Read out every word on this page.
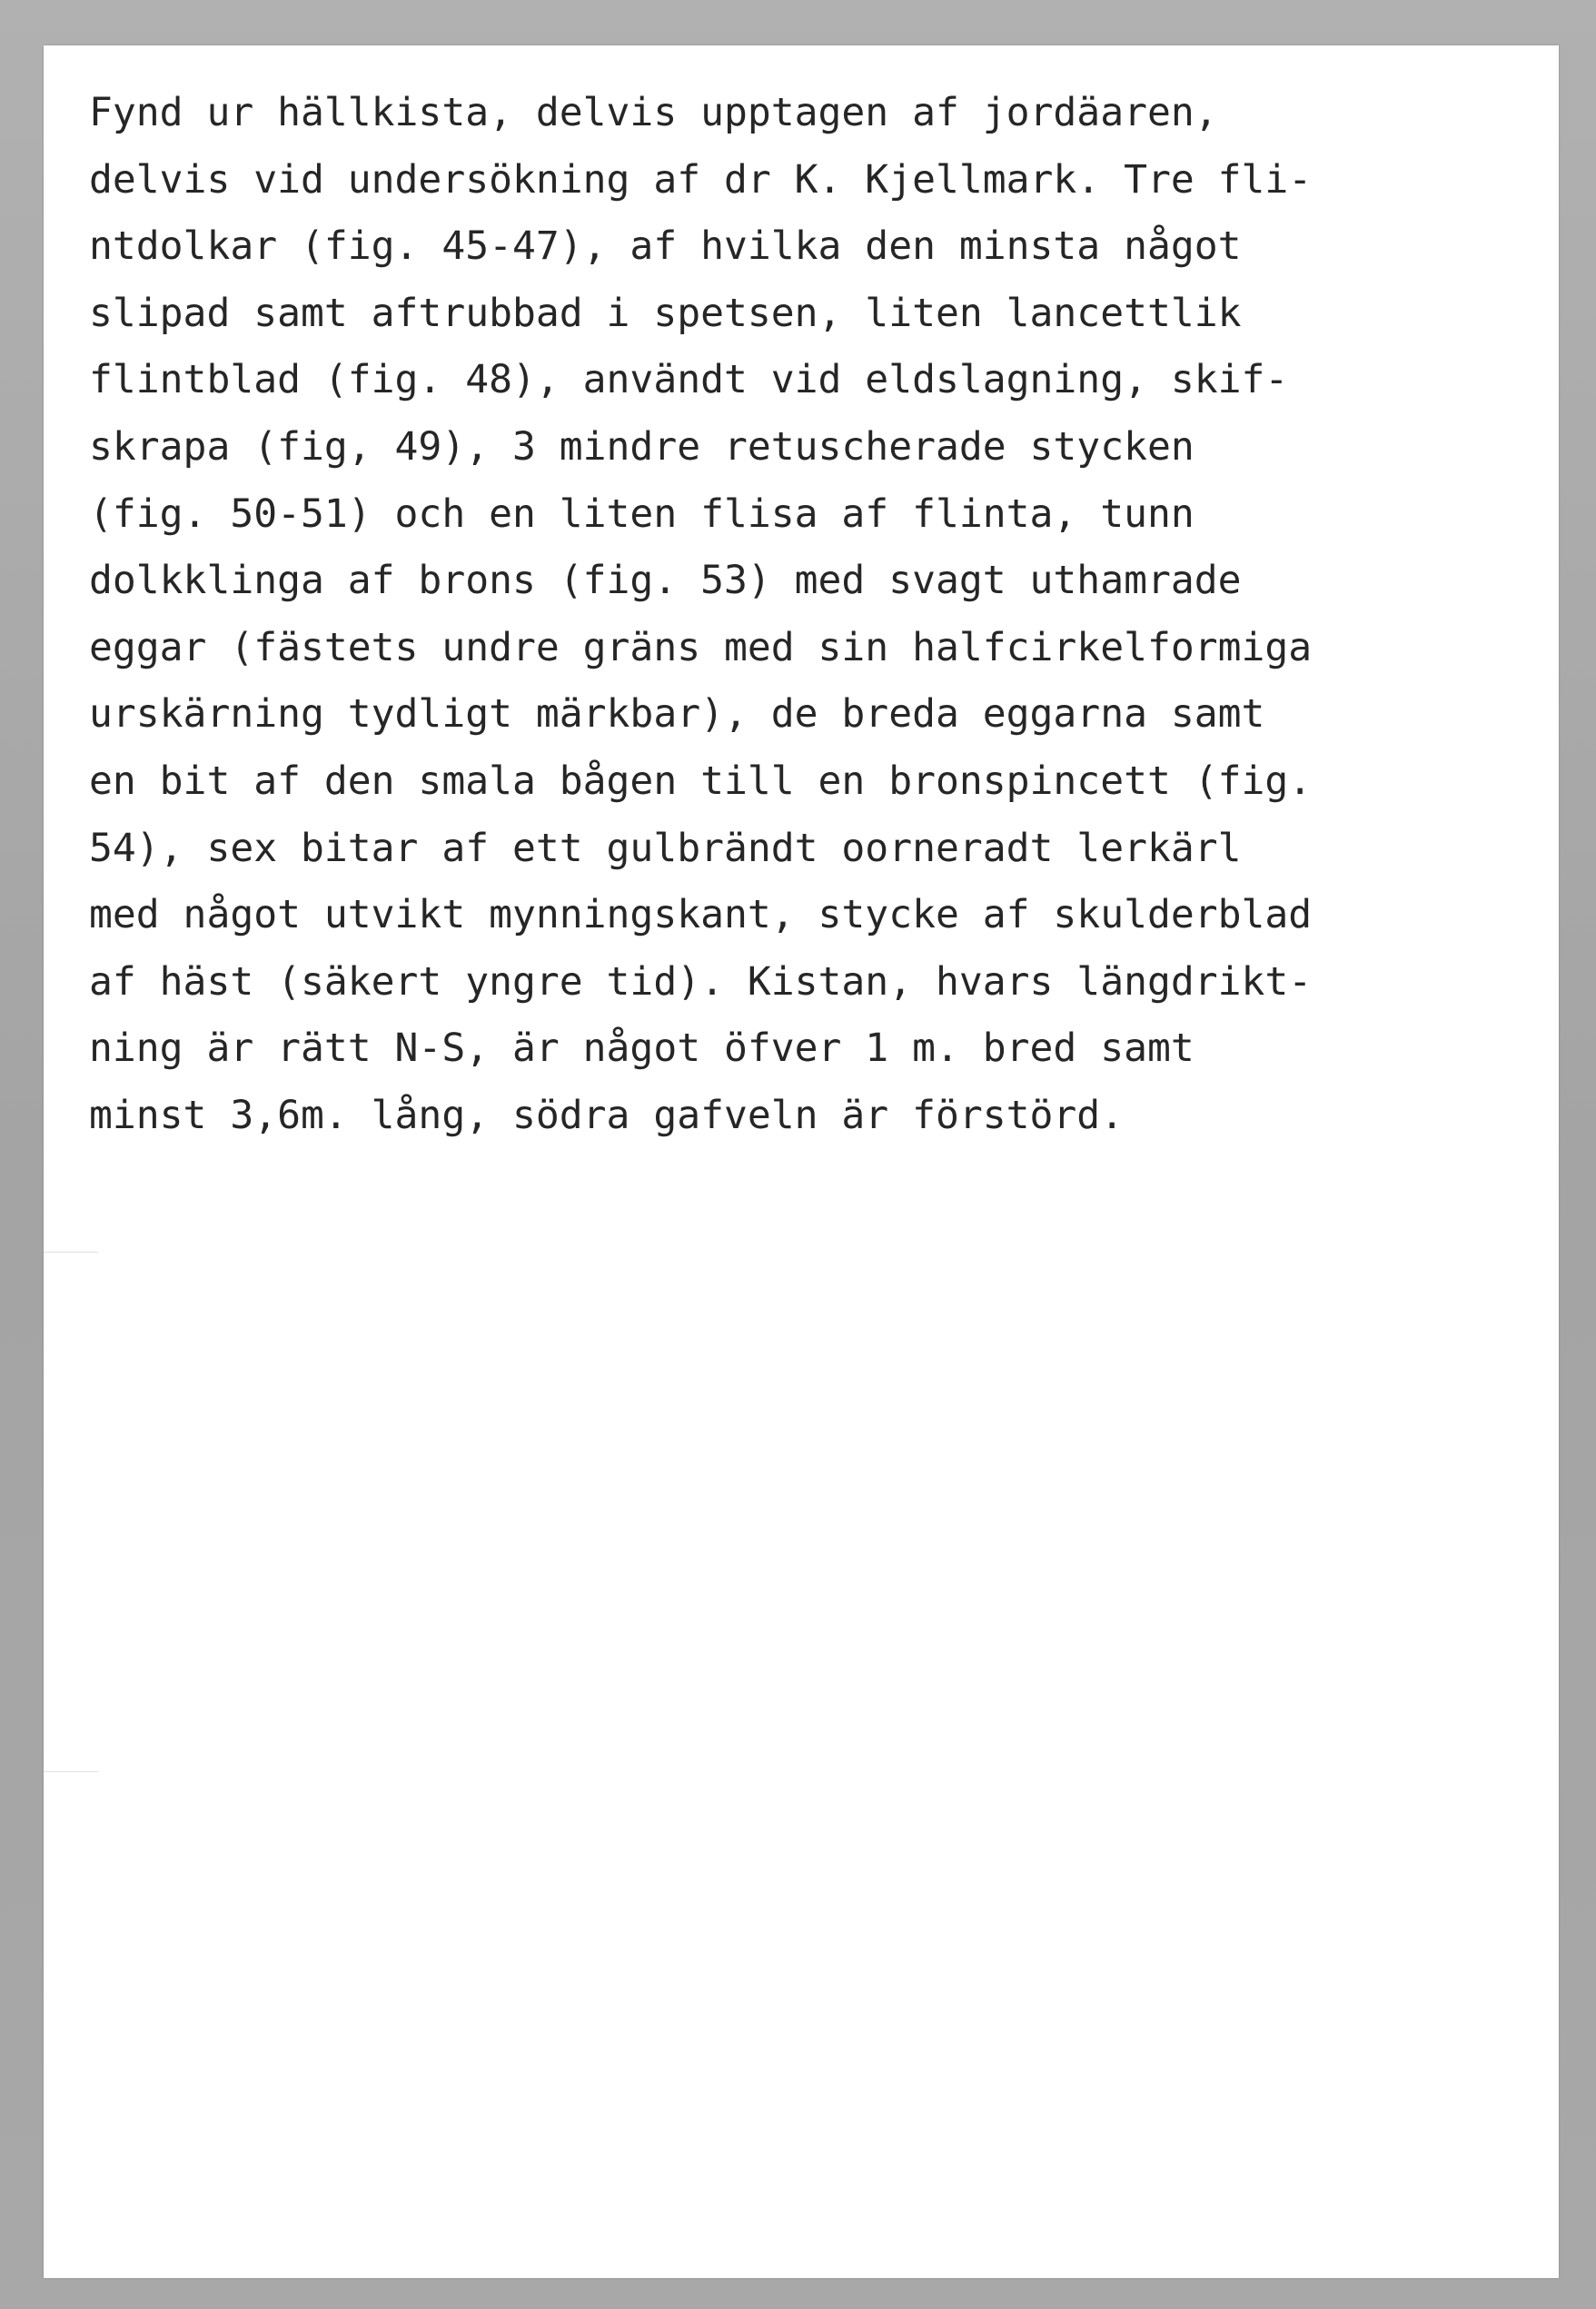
Fynd ur hällkista, delvis upptagen af jordäaren,
delvis vid undersökning af dr K. Kjellmark. Tre fli-
ntdolkar (fig. 45-47), af hvilka den minsta något
slipad samt aftrubbad i spetsen, liten lancettlik
flintblad (fig. 48), användt vid eldslagning, skif-
skrapa (fig, 49), 3 mindre retuscherade stycken
(fig. 50-51) och en liten flisa af flinta, tunn
dolkklinga af brons (fig. 53) med svagt uthamrade
eggar (fästets undre gräns med sin halfcirkelformiga
urskärning tydligt märkbar), de breda eggarna samt
en bit af den smala bågen till en bronspincett (fig.
54), sex bitar af ett gulbrändt oorneradt lerkärl
med något utvikt mynningskant, stycke af skulderblad
af häst (säkert yngre tid). Kistan, hvars längdrikt-
ning är rätt N-S, är något öfver 1 m. bred samt
minst 3,6m. lång, södra gafveln är förstörd.
